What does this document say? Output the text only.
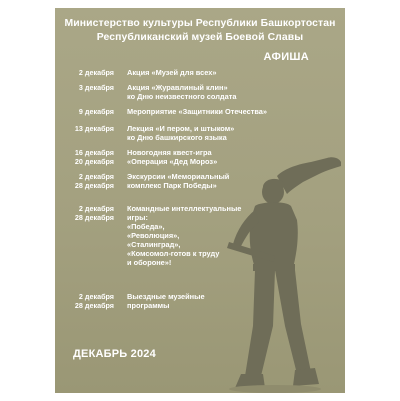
Министерство культуры Республики Башкортостан
Республиканский музей Боевой Славы
АФИША
2 декабря Акция «Музей для всех»
3 декабря Акция «Журавлиный клин»
ко Дню неизвестного солдата
9 декабря Мероприятие «Защитники Отечества»
13 декабря Лекция «И пером, и штыком»
ко Дню башкирского языка
16 декабря
20 декабря
Новогодняя квест-игра
«Операция «Дед Мороз»
2 декабря
28 декабря
Экскурсии «Мемориальный
комплекс Парк Победы»
2 декабря
28 декабря
Командные интеллектуальные
игры:
«Победа»,
«Революция»,
«Сталинград»,
«Комсомол-готов к труду
и обороне»!
2 декабря
28 декабря
Выездные музейные
программы
ДЕКАБРЬ 2024
